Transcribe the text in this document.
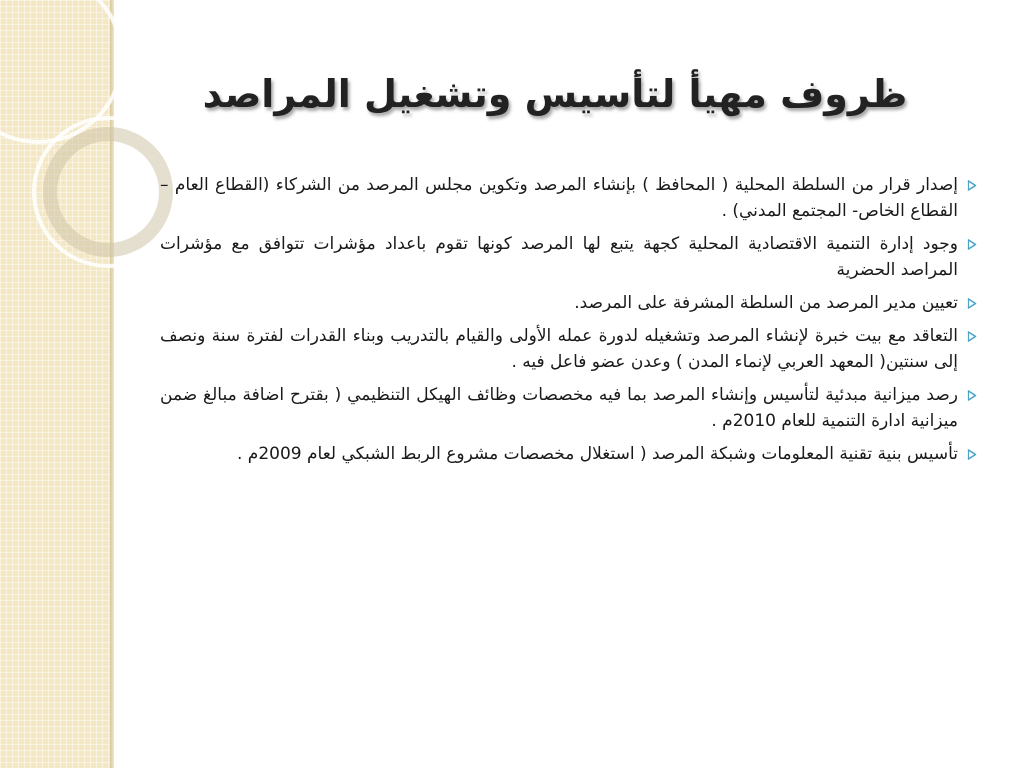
ظروف مهيأ لتأسيس وتشغيل المراصد
إصدار قرار من السلطة المحلية ( المحافظ ) بإنشاء المرصد وتكوين مجلس المرصد من الشركاء (القطاع العام – القطاع الخاص- المجتمع المدني) .
وجود إدارة التنمية الاقتصادية المحلية كجهة يتبع لها المرصد كونها تقوم باعداد مؤشرات تتوافق مع مؤشرات المراصد الحضرية
تعيين مدير المرصد من السلطة المشرفة على المرصد.
التعاقد مع بيت خبرة لإنشاء المرصد وتشغيله لدورة عمله الأولى والقيام بالتدريب وبناء القدرات لفترة سنة ونصف إلى سنتين( المعهد العربي لإنماء المدن ) وعدن عضو فاعل فيه .
رصد ميزانية مبدئية لتأسيس وإنشاء المرصد بما فيه مخصصات وظائف الهيكل التنظيمي ( بقترح اضافة مبالغ ضمن ميزانية ادارة التنمية للعام 2010م .
تأسيس بنية تقنية المعلومات وشبكة المرصد ( استغلال مخصصات مشروع الربط الشبكي لعام 2009م .
